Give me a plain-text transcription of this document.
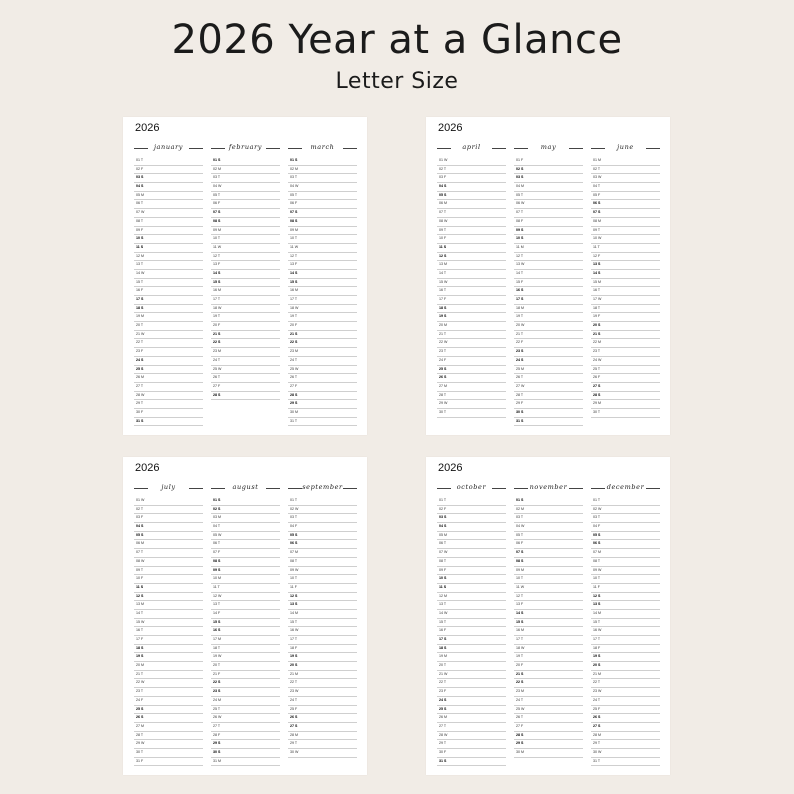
2026 Year at a Glance
Letter Size
2026
january
01 T
02 F
03 S
04 S
05 M
06 T
07 W
08 T
09 F
10 S
11 S
12 M
13 T
14 W
15 T
16 F
17 S
18 S
19 M
20 T
21 W
22 T
23 F
24 S
25 S
26 M
27 T
28 W
29 T
30 F
31 S
february
01 S
02 M
03 T
04 W
05 T
06 F
07 S
08 S
09 M
10 T
11 W
12 T
13 F
14 S
15 S
16 M
17 T
18 W
19 T
20 F
21 S
22 S
23 M
24 T
25 W
26 T
27 F
28 S
march
01 S
02 M
03 T
04 W
05 T
06 F
07 S
08 S
09 M
10 T
11 W
12 T
13 F
14 S
15 S
16 M
17 T
18 W
19 T
20 F
21 S
22 S
23 M
24 T
25 W
26 T
27 F
28 S
29 S
30 M
31 T
2026
april
01 W
02 T
03 F
04 S
05 S
06 M
07 T
08 W
09 T
10 F
11 S
12 S
13 M
14 T
15 W
16 T
17 F
18 S
19 S
20 M
21 T
22 W
23 T
24 F
25 S
26 S
27 M
28 T
29 W
30 T
may
01 F
02 S
03 S
04 M
05 T
06 W
07 T
08 F
09 S
10 S
11 M
12 T
13 W
14 T
15 F
16 S
17 S
18 M
19 T
20 W
21 T
22 F
23 S
24 S
25 M
26 T
27 W
28 T
29 F
30 S
31 S
june
01 M
02 T
03 W
04 T
05 F
06 S
07 S
08 M
09 T
10 W
11 T
12 F
13 S
14 S
15 M
16 T
17 W
18 T
19 F
20 S
21 S
22 M
23 T
24 W
25 T
26 F
27 S
28 S
29 M
30 T
2026
july
01 W
02 T
03 F
04 S
05 S
06 M
07 T
08 W
09 T
10 F
11 S
12 S
13 M
14 T
15 W
16 T
17 F
18 S
19 S
20 M
21 T
22 W
23 T
24 F
25 S
26 S
27 M
28 T
29 W
30 T
31 F
august
01 S
02 S
03 M
04 T
05 W
06 T
07 F
08 S
09 S
10 M
11 T
12 W
13 T
14 F
15 S
16 S
17 M
18 T
19 W
20 T
21 F
22 S
23 S
24 M
25 T
26 W
27 T
28 F
29 S
30 S
31 M
september
01 T
02 W
03 T
04 F
05 S
06 S
07 M
08 T
09 W
10 T
11 F
12 S
13 S
14 M
15 T
16 W
17 T
18 F
19 S
20 S
21 M
22 T
23 W
24 T
25 F
26 S
27 S
28 M
29 T
30 W
2026
october
01 T
02 F
03 S
04 S
05 M
06 T
07 W
08 T
09 F
10 S
11 S
12 M
13 T
14 W
15 T
16 F
17 S
18 S
19 M
20 T
21 W
22 T
23 F
24 S
25 S
26 M
27 T
28 W
29 T
30 F
31 S
november
01 S
02 M
03 T
04 W
05 T
06 F
07 S
08 S
09 M
10 T
11 W
12 T
13 F
14 S
15 S
16 M
17 T
18 W
19 T
20 F
21 S
22 S
23 M
24 T
25 W
26 T
27 F
28 S
29 S
30 M
december
01 T
02 W
03 T
04 F
05 S
06 S
07 M
08 T
09 W
10 T
11 F
12 S
13 S
14 M
15 T
16 W
17 T
18 F
19 S
20 S
21 M
22 T
23 W
24 T
25 F
26 S
27 S
28 M
29 T
30 W
31 T
